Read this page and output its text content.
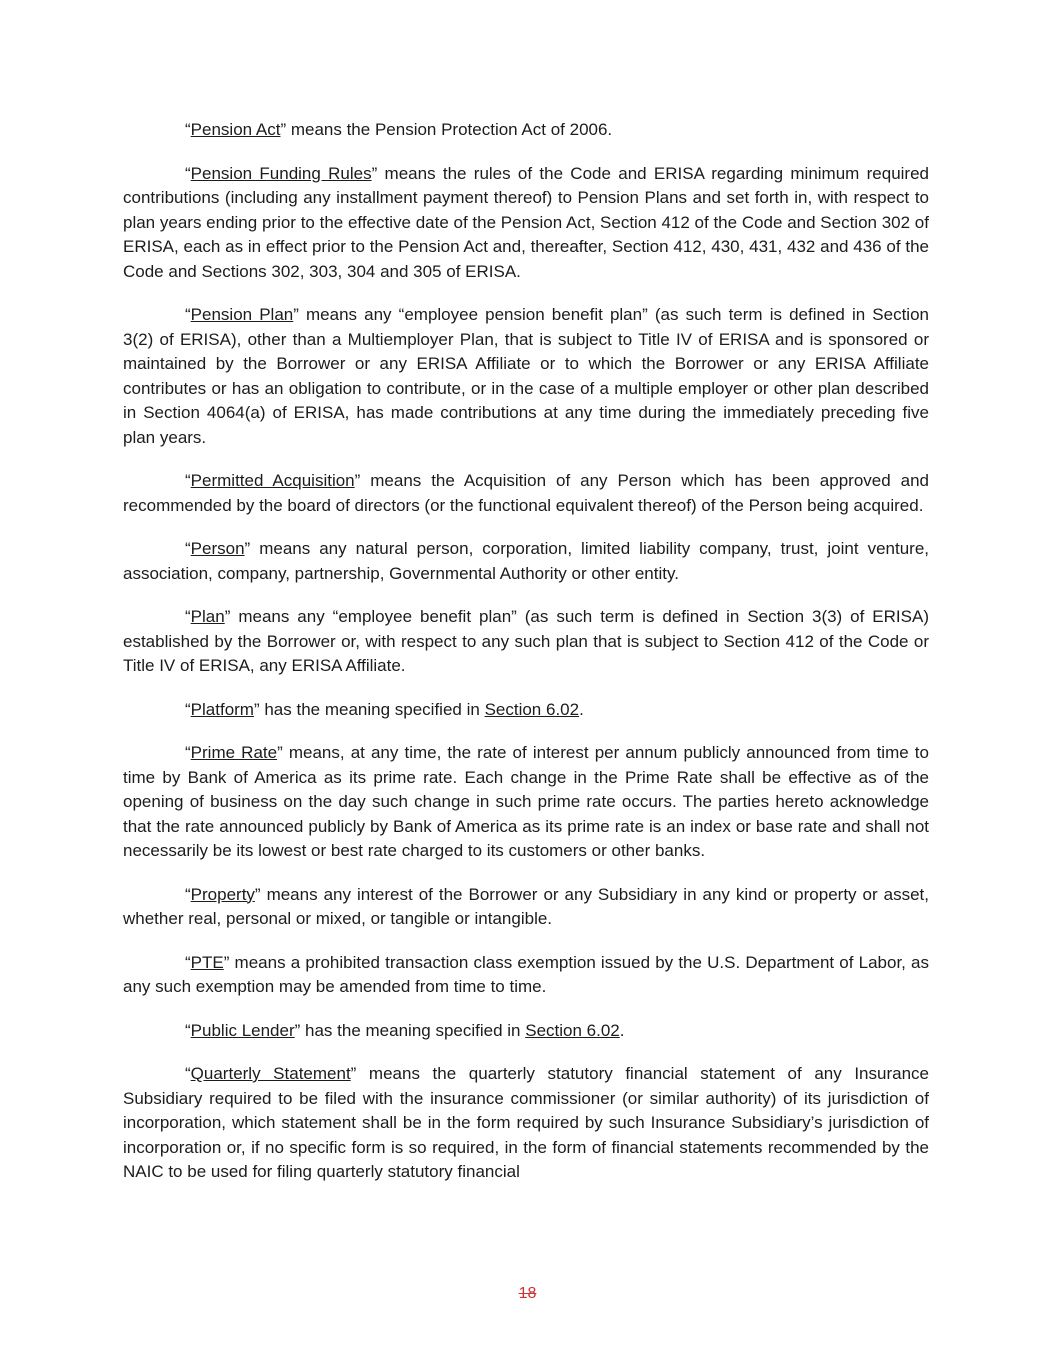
“Pension Act” means the Pension Protection Act of 2006.

“Pension Funding Rules” means the rules of the Code and ERISA regarding minimum required contributions (including any installment payment thereof) to Pension Plans and set forth in, with respect to plan years ending prior to the effective date of the Pension Act, Section 412 of the Code and Section 302 of ERISA, each as in effect prior to the Pension Act and, thereafter, Section 412, 430, 431, 432 and 436 of the Code and Sections 302, 303, 304 and 305 of ERISA.

“Pension Plan” means any “employee pension benefit plan” (as such term is defined in Section 3(2) of ERISA), other than a Multiemployer Plan, that is subject to Title IV of ERISA and is sponsored or maintained by the Borrower or any ERISA Affiliate or to which the Borrower or any ERISA Affiliate contributes or has an obligation to contribute, or in the case of a multiple employer or other plan described in Section 4064(a) of ERISA, has made contributions at any time during the immediately preceding five plan years.

“Permitted Acquisition” means the Acquisition of any Person which has been approved and recommended by the board of directors (or the functional equivalent thereof) of the Person being acquired.

“Person” means any natural person, corporation, limited liability company, trust, joint venture, association, company, partnership, Governmental Authority or other entity.

“Plan” means any “employee benefit plan” (as such term is defined in Section 3(3) of ERISA) established by the Borrower or, with respect to any such plan that is subject to Section 412 of the Code or Title IV of ERISA, any ERISA Affiliate.

“Platform” has the meaning specified in Section 6.02.

“Prime Rate” means, at any time, the rate of interest per annum publicly announced from time to time by Bank of America as its prime rate. Each change in the Prime Rate shall be effective as of the opening of business on the day such change in such prime rate occurs. The parties hereto acknowledge that the rate announced publicly by Bank of America as its prime rate is an index or base rate and shall not necessarily be its lowest or best rate charged to its customers or other banks.

“Property” means any interest of the Borrower or any Subsidiary in any kind or property or asset, whether real, personal or mixed, or tangible or intangible.

“PTE” means a prohibited transaction class exemption issued by the U.S. Department of Labor, as any such exemption may be amended from time to time.

“Public Lender” has the meaning specified in Section 6.02.

“Quarterly Statement” means the quarterly statutory financial statement of any Insurance Subsidiary required to be filed with the insurance commissioner (or similar authority) of its jurisdiction of incorporation, which statement shall be in the form required by such Insurance Subsidiary’s jurisdiction of incorporation or, if no specific form is so required, in the form of financial statements recommended by the NAIC to be used for filing quarterly statutory financial

18
